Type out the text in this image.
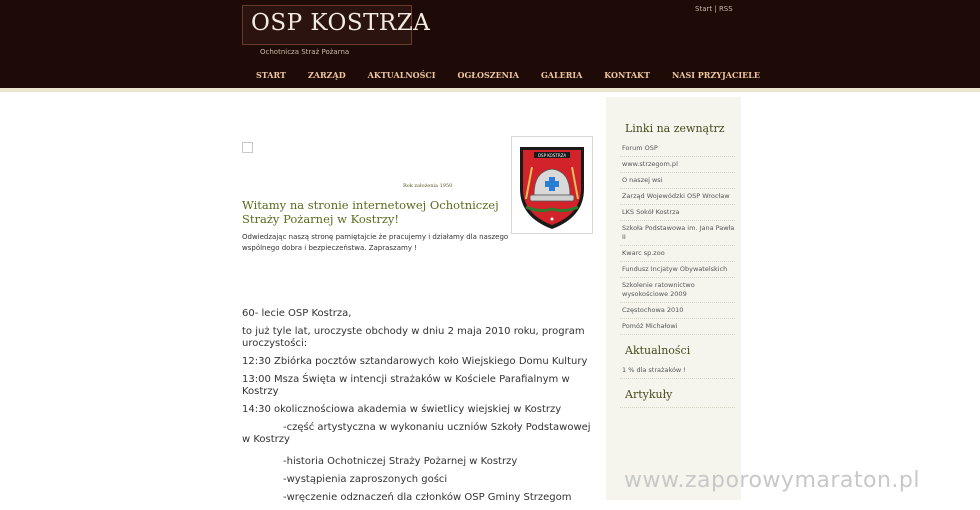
OSP KOSTRZA
Ochotnicza Straż Pożarna
Start | RSS
START	ZARZĄD	AKTUALNOŚCI	OGŁOSZENIA	GALERIA	KONTAKT	NASI PRZYJACIELE
Rok założenia 1950
OSP KOSTRZA
Witamy na stronie internetowej Ochotniczej Straży Pożarnej w Kostrzy!
Odwiedzając naszą stronę pamiętajcie że pracujemy i działamy dla naszego wspólnego dobra i bezpieczeństwa. Zapraszamy !
60- lecie OSP Kostrza,
to już tyle lat, uroczyste obchody w dniu 2 maja 2010 roku, program uroczystości:
12:30 Zbiórka pocztów sztandarowych koło Wiejskiego Domu Kultury
13:00 Msza Święta w intencji strażaków w Kościele Parafialnym w Kostrzy
14:30 okolicznościowa akademia w świetlicy wiejskiej w Kostrzy
-część artystyczna w wykonaniu uczniów Szkoły Podstawowej w Kostrzy
-historia Ochotniczej Straży Pożarnej w Kostrzy
-wystąpienia zaproszonych gości
-wręczenie odznaczeń dla członków OSP Gminy Strzegom
Linki na zewnątrz
Forum OSP
www.strzegom.pl
O naszej wsi
Zarząd Wojewódzki OSP Wrocław
LKS Sokół Kostrza
Szkoła Podstawowa im. Jana Pawła II
Kwarc sp.zoo
Fundusz Incjatyw Obywatelskich
Szkolenie ratownictwo wysokościowe 2009
Częstochowa 2010
Pomóż Michałowi
Aktualności
1 % dla strażaków !
Artykuły
www.zaporowymaraton.pl
